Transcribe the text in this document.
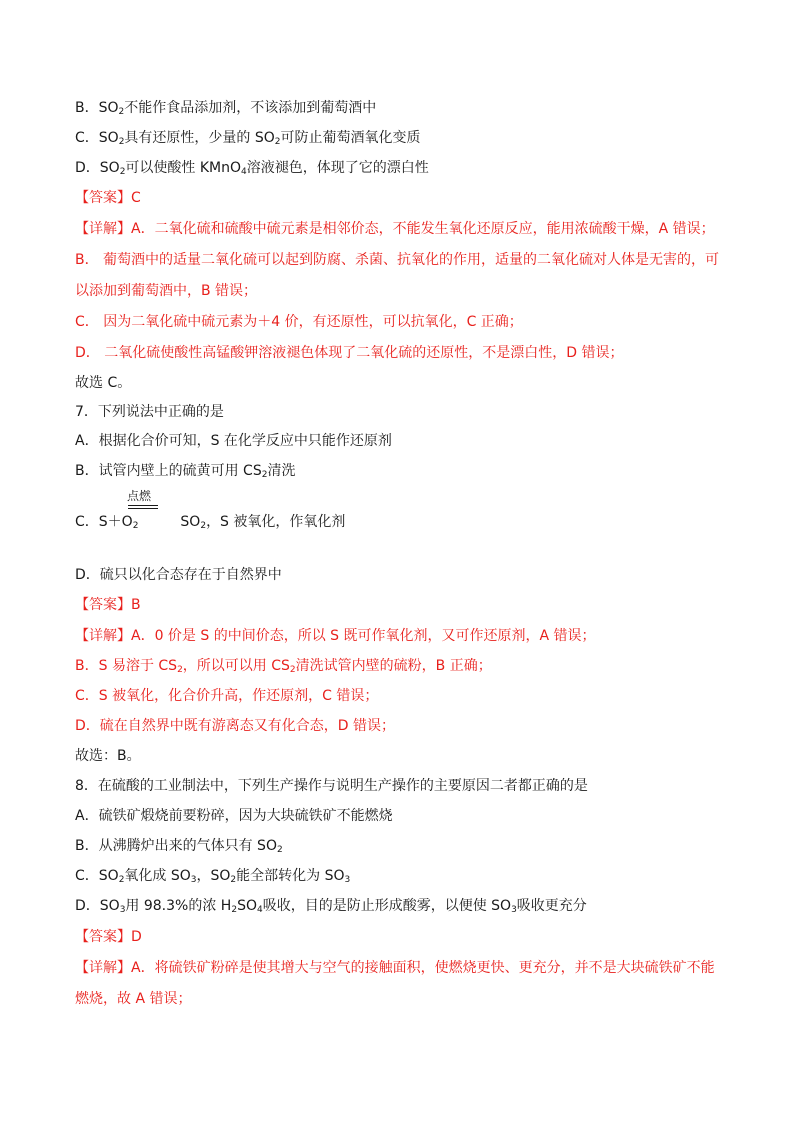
B．$SO_2$不能作食品添加剂，不该添加到葡萄酒中
C．$SO_2$具有还原性，少量的 $SO_2$可防止葡萄酒氧化变质
D．$SO_2$可以使酸性 KMnO$_4$溶液褪色，体现了它的漂白性
【答案】C
【详解】A．二氧化硫和硫酸中硫元素是相邻价态，不能发生氧化还原反应，能用浓硫酸干燥，A 错误；
B． 葡萄酒中的适量二氧化硫可以起到防腐、杀菌、抗氧化的作用，适量的二氧化硫对人体是无害的，可
以添加到葡萄酒中，B 错误；
C． 因为二氧化硫中硫元素为＋4 价，有还原性，可以抗氧化，C 正确；
D． 二氧化硫使酸性高锰酸钾溶液褪色体现了二氧化硫的还原性，不是漂白性，D 错误；
故选 C。
7．下列说法中正确的是
A．根据化合价可知，S 在化学反应中只能作还原剂
B．试管内壁上的硫黄可用 $CS_2$清洗
点燃
C．$S+O_2$	$SO_2$，S 被氧化，作氧化剂
D．硫只以化合态存在于自然界中
【答案】B
【详解】A．0 价是 S 的中间价态，所以 S 既可作氧化剂，又可作还原剂，A 错误；
B．S 易溶于 $CS_2$，所以可以用 $CS_2$清洗试管内壁的硫粉，B 正确；
C．S 被氧化，化合价升高，作还原剂，C 错误；
D．硫在自然界中既有游离态又有化合态，D 错误；
故选：B。
8．在硫酸的工业制法中，下列生产操作与说明生产操作的主要原因二者都正确的是
A．硫铁矿煅烧前要粉碎，因为大块硫铁矿不能燃烧
B．从沸腾炉出来的气体只有 $SO_2$
C．$SO_2$氧化成 $SO_3$，$SO_2$能全部转化为 $SO_3$
D．$SO_3$用 98.3%的浓 $H_2SO_4$吸收，目的是防止形成酸雾，以便使 $SO_3$吸收更充分
【答案】D
【详解】A．将硫铁矿粉碎是使其增大与空气的接触面积，使燃烧更快、更充分，并不是大块硫铁矿不能
燃烧，故 A 错误；
